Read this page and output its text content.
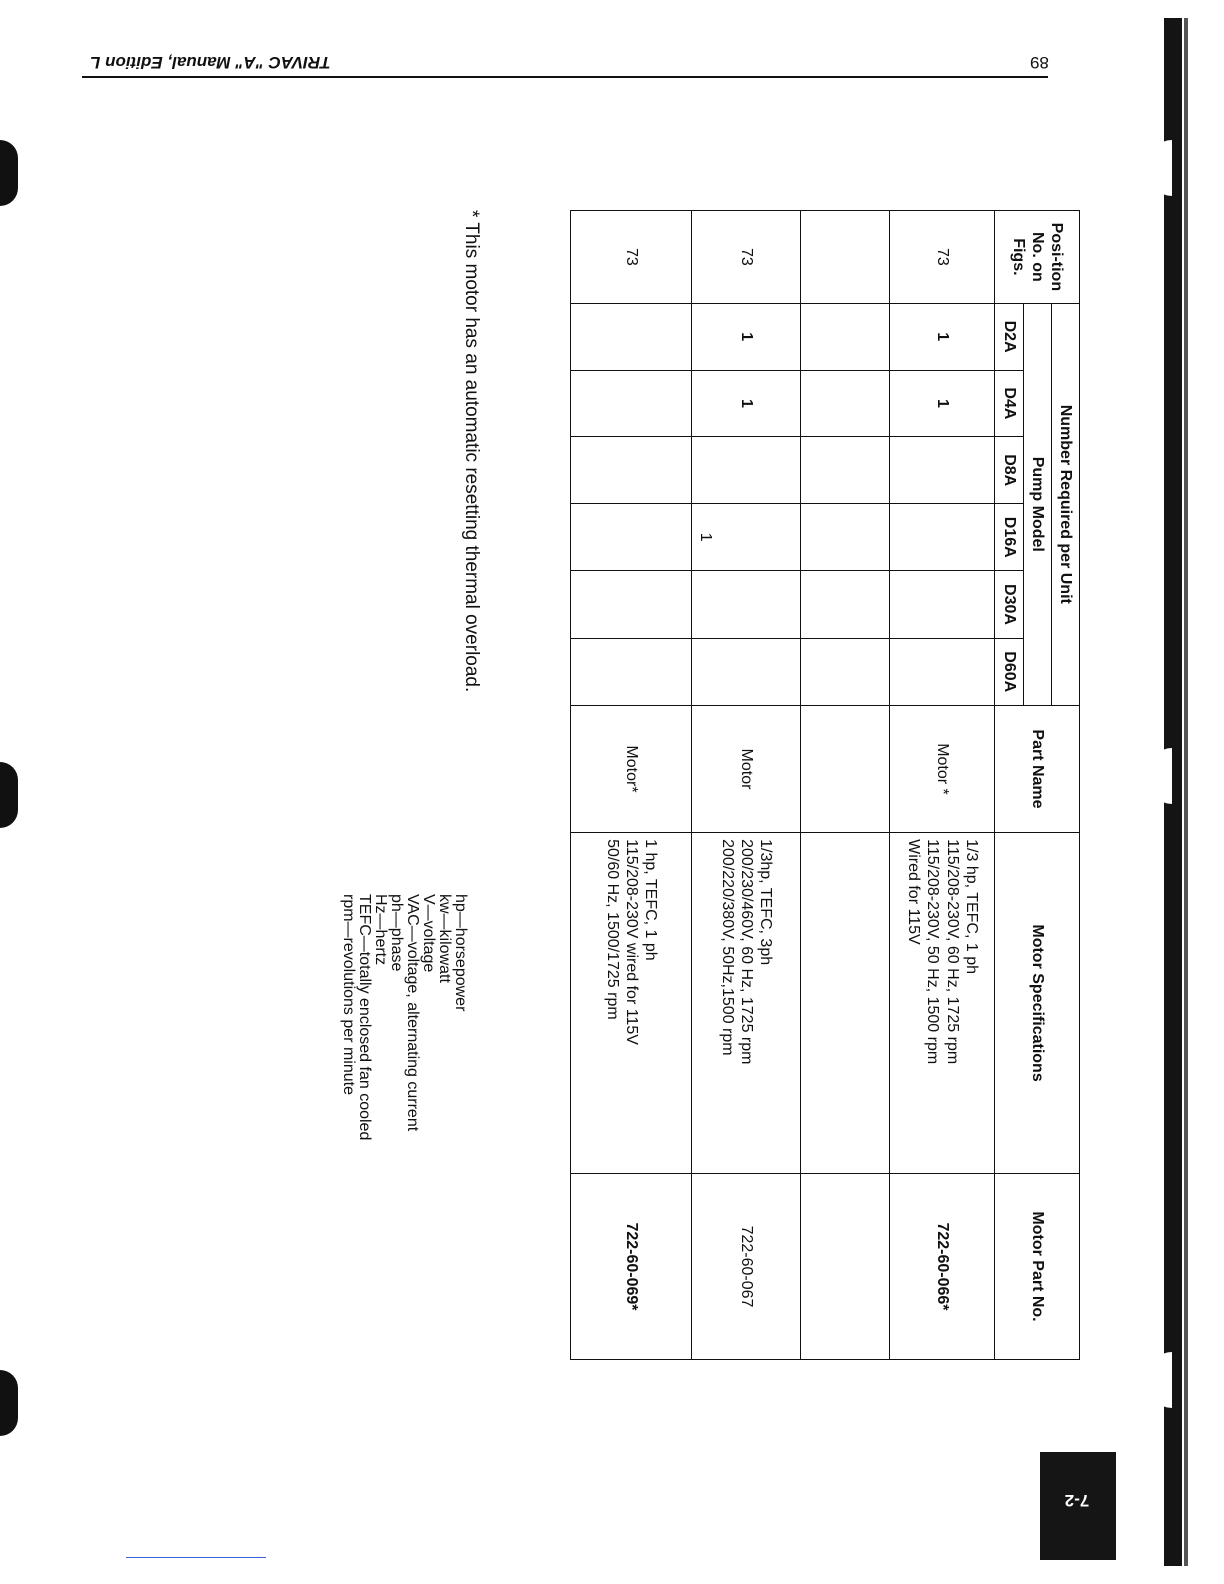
TRIVAC "A" Manual, Edition L	89
7-2
Posi-tion No. on Figs.	Number Required per Unit						Part Name	Motor Specifications	Motor Part No.
	Pump Model								
	D2A	D4A	D8A	D16A	D30A	D60A			
73	1	1					Motor *	1/3 hp, TEFC, 1 ph
115/208-230V, 60 Hz, 1725 rpm
115/208-230V, 50 Hz, 1500 rpm
Wired for 115V	722-60-066*

73	1	1		1			Motor	1/3hp, TEFC, 3ph
200/230/460V, 60 Hz, 1725 rpm
200/220/380V, 50Hz,1500 rpm	722-60-067
73							Motor*	1 hp, TEFC, 1 ph
115/208-230V wired for 115V
50/60 Hz, 1500/1725 rpm	722-60-069*
hp—horsepower
kw—kilowatt
V—voltage
VAC—voltage, alternating current
ph—phase
Hz—hertz
TEFC—totally enclosed fan cooled
rpm—revolutions per minute
* This motor has an automatic resetting thermal overload.
